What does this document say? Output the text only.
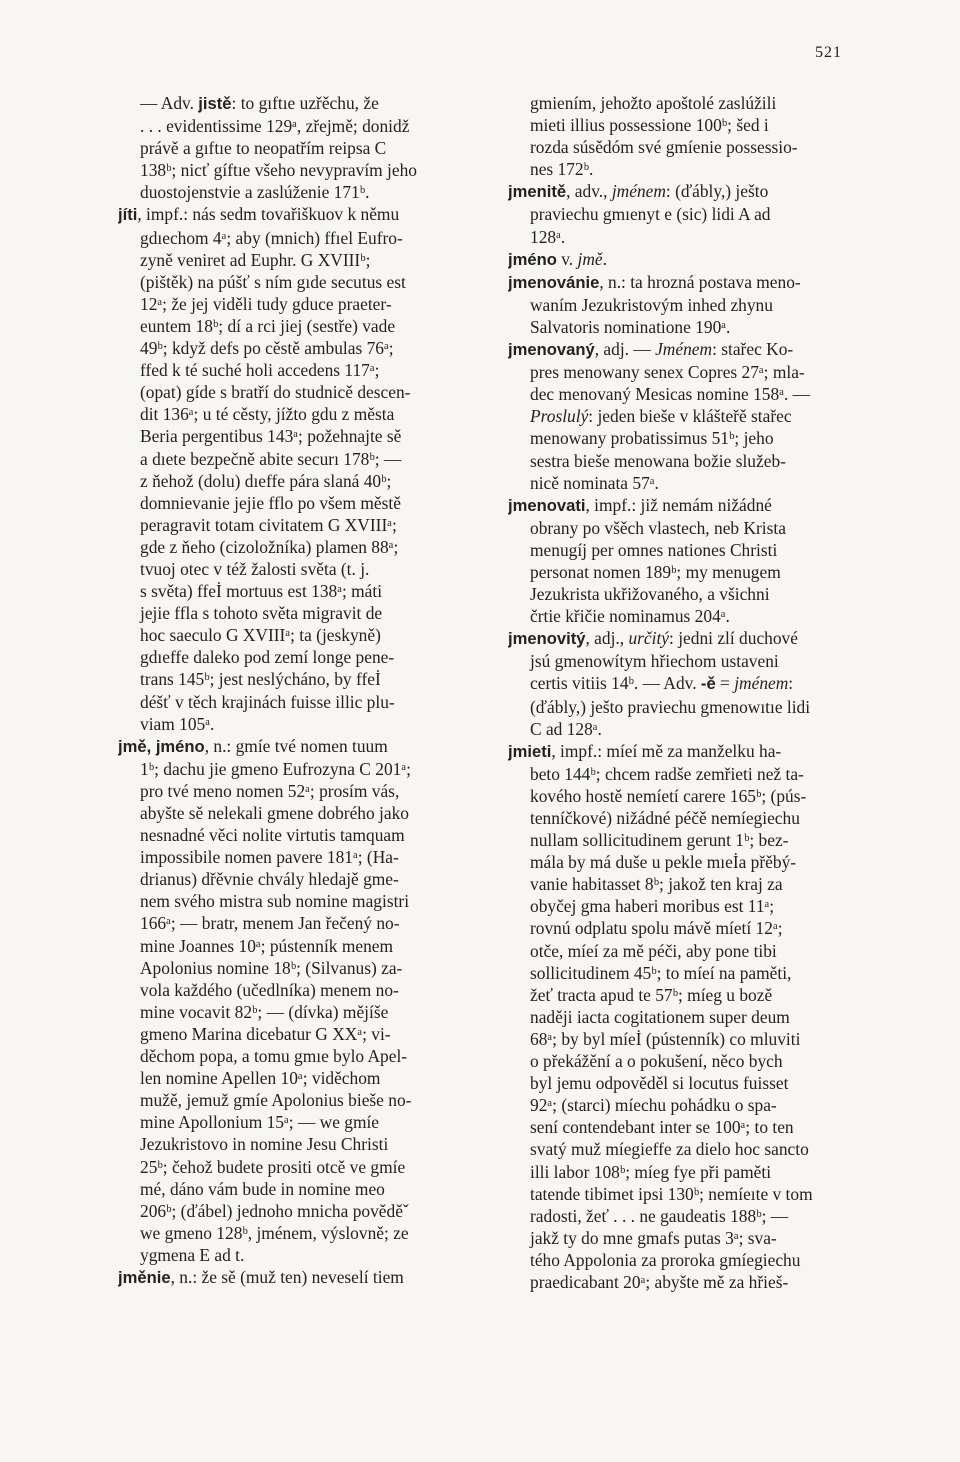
521
— Adv. jistě: to gıftıe uzřěchu, že
. . . evidentissime 129ᵃ, zřejmě; donidž
právě a gıftıe to neopatřím reipsa C
138ᵇ; nicť gíftıe všeho nevypravím jeho
duostojenstvie a zaslúženie 171ᵇ.
jíti, impf.: nás sedm tovařiškuov k němu
gdıechom 4ᵃ; aby (mnich) ffıel Eufro-
zyně veniret ad Euphr. G XVIIIᵇ;
(pištěk) na púšť s ním gıde secutus est
12ᵃ; že jej viděli tudy gduce praeter-
euntem 18ᵇ; dí a rci jiej (sestře) vade
49ᵇ; když defs po cěstě ambulas 76ᵃ;
ffed k té suché holi accedens 117ᵃ;
(opat) gíde s bratří do studnicě descen-
dit 136ᵃ; u té cěsty, jížto gdu z města
Beria pergentibus 143ᵃ; požehnajte sě
a dıete bezpečně abite securı 178ᵇ; —
z ňehož (dolu) dıeffe pára slaná 40ᵇ;
domnievanie jejie fflo po všem městě
peragravit totam civitatem G XVIIIᵃ;
gde z ňeho (cizoložníka) plamen 88ᵃ;
tvuoj otec v též žalosti světa (t. j.
s světa) ffeİ mortuus est 138ᵃ; máti
jejie ffla s tohoto světa migravit de
hoc saeculo G XVIIIᵃ; ta (jeskyně)
gdıeffe daleko pod zemí longe pene-
trans 145ᵇ; jest neslýcháno, by ffeİ
déšť v těch krajinách fuisse illic plu-
viam 105ᵃ.
jmě, jméno, n.: gmíe tvé nomen tuum
1ᵇ; dachu jie gmeno Eufrozyna C 201ᵃ;
pro tvé meno nomen 52ᵃ; prosím vás,
abyšte sě nelekali gmene dobrého jako
nesnadné věci nolite virtutis tamquam
impossibile nomen pavere 181ᵃ; (Ha-
drianus) dřěvnie chvály hledajě gme-
nem svého mistra sub nomine magistri
166ᵃ; — bratr, menem Jan řečený no-
mine Joannes 10ᵃ; pústenník menem
Apolonius nomine 18ᵇ; (Silvanus) za-
vola každého (učedlníka) menem no-
mine vocavit 82ᵇ; — (dívka) mějíše
gmeno Marina dicebatur G XXᵃ; vi-
děchom popa, a tomu gmıe bylo Apel-
len nomine Apellen 10ᵃ; viděchom
mužě, jemuž gmíe Apolonius bieše no-
mine Apollonium 15ᵃ; — we gmíe
Jezukristovo in nomine Jesu Christi
25ᵇ; čehož budete prositi otcě ve gmíe
mé, dáno vám bude in nomine meo
206ᵇ; (ďábel) jednoho mnicha pověděˇ
we gmeno 128ᵇ, jménem, výslovně; ze
ygmena E ad t.
jměnie, n.: že sě (muž ten) neveselí tiem
gmiením, jehožto apoštolé zaslúžili
mieti illius possessione 100ᵇ; šed i
rozda súsědóm své gmíenie possessio-
nes 172ᵇ.
jmenitě, adv., jménem: (ďábly,) ješto
praviechu gmıenyt e (sic) lidi A ad
128ᵃ.
jméno v. jmě.
jmenovánie, n.: ta hrozná postava meno-
waním Jezukristovým inhed zhynu
Salvatoris nominatione 190ᵃ.
jmenovaný, adj. — Jménem: stařec Ko-
pres menowany senex Copres 27ᵃ; mla-
dec menovaný Mesicas nomine 158ᵃ. —
Proslulý: jeden bieše v klášteřě stařec
menowany probatissimus 51ᵇ; jeho
sestra bieše menowana božie služeb-
nicě nominata 57ᵃ.
jmenovati, impf.: již nemám nižádné
obrany po všěch vlastech, neb Krista
menugíj per omnes nationes Christi
personat nomen 189ᵇ; my menugem
Jezukrista ukřižovaného, a všichni
črtie křičie nominamus 204ᵃ.
jmenovitý, adj., určitý: jedni zlí duchové
jsú gmenowítym hřiechom ustaveni
certis vitiis 14ᵇ. — Adv. -ě = jménem:
(ďábly,) ješto praviechu gmenowıtıe lidi
C ad 128ᵃ.
jmieti, impf.: míeí mě za manželku ha-
beto 144ᵇ; chcem radše zemřieti než ta-
kového hostě nemíetí carere 165ᵇ; (pús-
tenníčkové) nižádné péčě nemíegiechu
nullam sollicitudinem gerunt 1ᵇ; bez-
mála by má duše u pekle mıeİa přěbý-
vanie habitasset 8ᵇ; jakož ten kraj za
obyčej gma haberi moribus est 11ᵃ;
rovnú odplatu spolu mávě míetí 12ᵃ;
otče, míeí za mě péči, aby pone tibi
sollicitudinem 45ᵇ; to míeí na paměti,
žeť tracta apud te 57ᵇ; míeg u bozě
naději iacta cogitationem super deum
68ᵃ; by byl míeİ (pústenník) co mluviti
o překážění a o pokušení, něco bych
byl jemu odpověděl si locutus fuisset
92ᵃ; (starci) míechu pohádku o spa-
sení contendebant inter se 100ᵃ; to ten
svatý muž míegieffe za dielo hoc sancto
illi labor 108ᵇ; míeg fye při paměti
tatende tibimet ipsi 130ᵇ; nemíeıte v tom
radosti, žeť . . . ne gaudeatis 188ᵇ; —
jakž ty do mne gmafs putas 3ᵃ; sva-
tého Appolonia za proroka gmíegiechu
praedicabant 20ᵃ; abyšte mě za hřieš-
